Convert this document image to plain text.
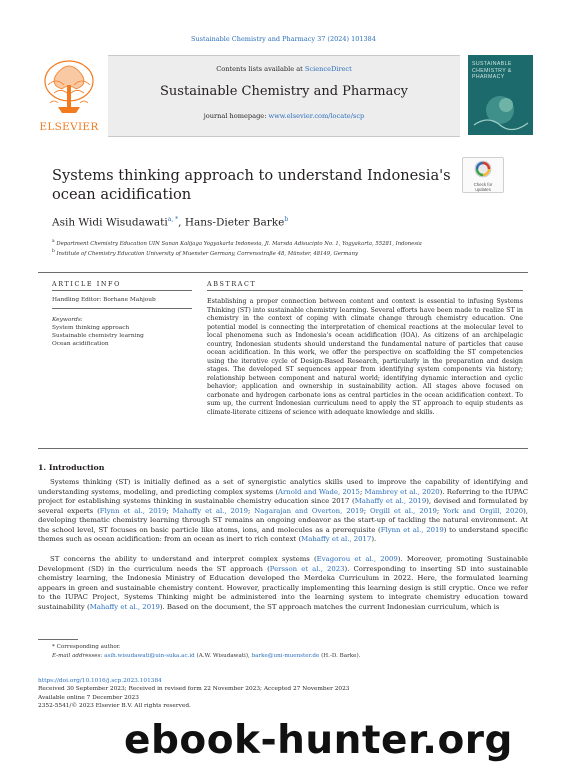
Sustainable Chemistry and Pharmacy 37 (2024) 101384
ELSEVIER
Contents lists available at ScienceDirect
Sustainable Chemistry and Pharmacy
journal homepage: www.elsevier.com/locate/scp
SUSTAINABLE CHEMISTRY & PHARMACY
Systems thinking approach to understand Indonesia's ocean acidification
Check for
updates
Asih Widi Wisudawati$^{a, *}$, Hans-Dieter Barke$^b$
$^a$ Department Chemistry Education UIN Sunan Kalijaga Yogyakarta Indonesia, Jl. Marsda Adisucipto No. 1, Yogyakarta, 55281, Indonesia
$^b$ Institute of Chemistry Education University of Muenster Germany, Corrensstraße 48, Münster, 48149, Germany
ARTICLE INFO
Handling Editor: Borhane Mahjoub
Keywords:
System thinking approach
Sustainable chemistry learning
Ocean acidification
ABSTRACT
Establishing a proper connection between content and context is essential to infusing Systems Thinking (ST) into sustainable chemistry learning. Several efforts have been made to realize ST in chemistry in the context of coping with climate change through chemistry education. One potential model is connecting the interpretation of chemical reactions at the molecular level to local phenomena such as Indonesia's ocean acidification (IOA). As citizens of an archipelagic country, Indonesian students should understand the fundamental nature of particles that cause ocean acidification. In this work, we offer the perspective on scaffolding the ST competencies using the iterative cycle of Design-Based Research, particularly in the preparation and design stages. The developed ST sequences appear from identifying system components via history; relationship between component and natural world; identifying dynamic interaction and cyclic behavior; application and ownership in sustainability action. All stages above focused on carbonate and hydrogen carbonate ions as central particles in the ocean acidification context. To sum up, the current Indonesian curriculum need to apply the ST approach to equip students as climate-literate citizens of science with adequate knowledge and skills.
1. Introduction
Systems thinking (ST) is initially defined as a set of synergistic analytics skills used to improve the capability of identifying and understanding systems, modeling, and predicting complex systems (Arnold and Wade, 2015; Mambrey et al., 2020). Referring to the IUPAC project for establishing systems thinking in sustainable chemistry education since 2017 (Mahaffy et al., 2019), devised and formulated by several experts (Flynn et al., 2019; Mahaffy et al., 2019; Nagarajan and Overton, 2019; Orgill et al., 2019; York and Orgill, 2020), developing thematic chemistry learning through ST remains an ongoing endeavor as the start-up of tackling the natural environment. At the school level, ST focuses on basic particle like atoms, ions, and molecules as a prerequisite (Flynn et al., 2019) to understand specific themes such as ocean acidification: from an ocean as inert to rich context (Mahaffy et al., 2017).
ST concerns the ability to understand and interpret complex systems (Evagorou et al., 2009). Moreover, promoting Sustainable Development (SD) in the curriculum needs the ST approach (Persson et al., 2023). Corresponding to inserting SD into sustainable chemistry learning, the Indonesia Ministry of Education developed the Merdeka Curriculum in 2022. Here, the formulated learning appears in green and sustainable chemistry content. However, practically implementing this learning design is still cryptic. Once we refer to the IUPAC Project, Systems Thinking might be administered into the learning system to integrate chemistry education toward sustainability (Mahaffy et al., 2019). Based on the document, the ST approach matches the current Indonesian curriculum, which is
* Corresponding author.
E-mail addresses: asih.wisudawati@uin-suka.ac.id (A.W. Wisudawati), barke@uni-muenster.de (H.-D. Barke).
https://doi.org/10.1016/j.scp.2023.101384
Received 30 September 2023; Received in revised form 22 November 2023; Accepted 27 November 2023
Available online 7 December 2023
2352-5541/© 2023 Elsevier B.V. All rights reserved.
ebook-hunter.org
